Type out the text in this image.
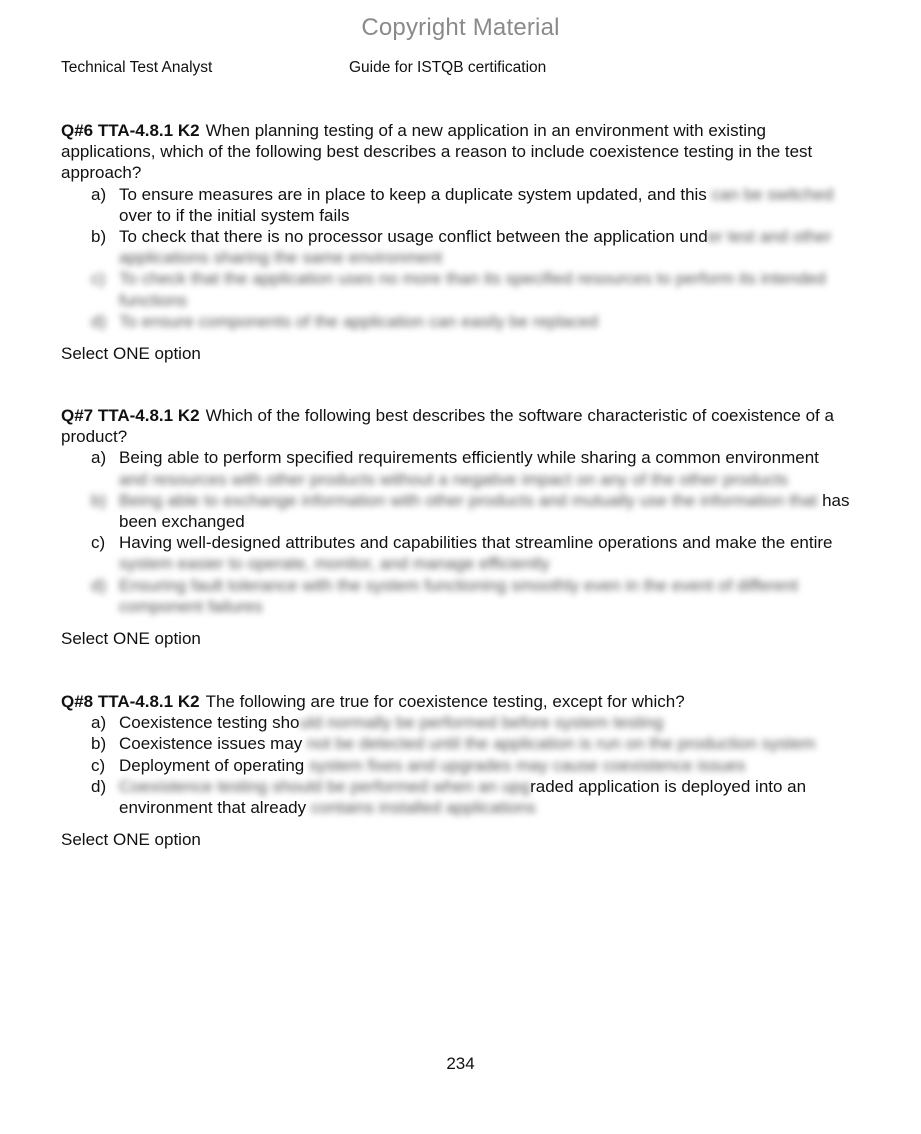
Copyright Material
Technical Test Analyst	Guide for ISTQB certification
Q#6 TTA-4.8.1 K2 When planning testing of a new application in an environment with existing applications, which of the following best describes a reason to include coexistence testing in the test approach?
a) To ensure measures are in place to keep a duplicate system updated, and this can be switched over to if the initial system fails
b) To check that there is no processor usage conflict between the application under test and other applications sharing the same environment
c) To check that the application uses no more than its specified resources to perform its intended functions
d) To ensure components of the application can easily be replaced
Select ONE option
Q#7 TTA-4.8.1 K2 Which of the following best describes the software characteristic of coexistence of a product?
a) Being able to perform specified requirements efficiently while sharing a common environment and resources with other products without a negative impact on any of the other products
b) Being able to exchange information with other products and mutually use the information that has been exchanged
c) Having well-designed attributes and capabilities that streamline operations and make the entire system easier to operate, monitor, and manage efficiently
d) Ensuring fault tolerance with the system functioning smoothly even in the event of different component failures
Select ONE option
Q#8 TTA-4.8.1 K2 The following are true for coexistence testing, except for which?
a) Coexistence testing should normally be performed before system testing
b) Coexistence issues may not be detected until the application is run on the production system
c) Deployment of operating system fixes and upgrades may cause coexistence issues
d) Coexistence testing should be performed when an upgraded application is deployed into an environment that already contains installed applications
Select ONE option
234
